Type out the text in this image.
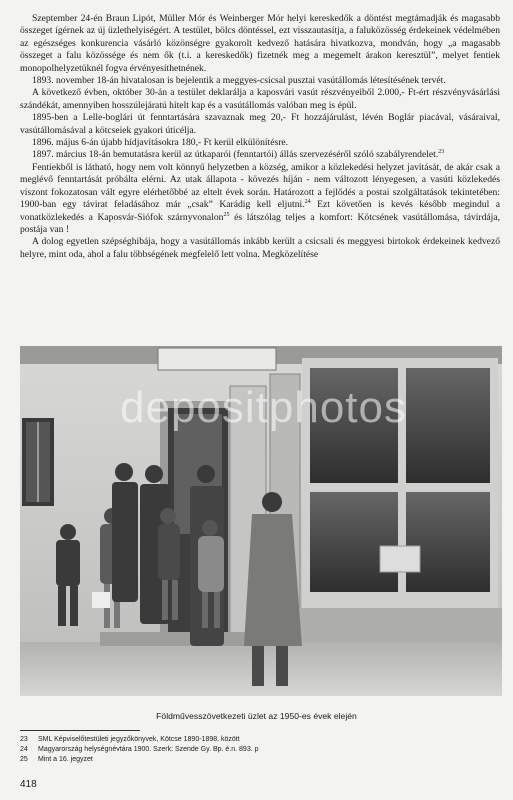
Szeptember 24-én Braun Lipót, Müller Mór és Weinberger Mór helyi kereskedők a döntést megtámadják és magasabb összeget ígérnek az új üzlethelyiségért. A testület, bölcs döntéssel, ezt visszautasítja, a faluközösség érdekeinek védelmében az egészséges konkurencia vásárló közönségre gyakorolt kedvező hatására hivatkozva, mondván, hogy „a magasabb összeget a falu közössége és nem ők (t.i. a kereskedők) fizetnék meg a megemelt árakon keresztül”, melyet fentiek monopolhelyzetüknél fogva érvényesíthetnének.

1893. november 18-án hivatalosan is bejelentik a meggyes-csicsal pusztai vasútállomás létesítésének tervét.

A következő évben, október 30-án a testület deklarálja a kaposvári vasút részvényeiből 2.000,- Ft-ért részvényvásárlási szándékát, amennyiben hosszúlejáratú hitelt kap és a vasútállomás valóban meg is épül.

1895-ben a Lelle-boglári út fenntartására szavaznak meg 20,- Ft hozzájárulást, lévén Boglár piacával, vásáraival, vasútállomásával a kötcseiek gyakori úticélja.

1896. május 6-án újabb hídjavításokra 180,- Ft kerül elkülönítésre.

1897. március 18-án bemutatásra kerül az útkaparói (fenntartói) állás szervezéséről szóló szabályrendelet.$^{23}$

Fentiekből is látható, hogy nem volt könnyű helyzetben a község, amikor a közlekedési helyzet javítását, de akár csak a meglévő fenntartását próbálta elérni. Az utak állapota - kövezés híján - nem változott lényegesen, a vasúti közlekedés viszont fokozatosan vált egyre elérhetőbbé az eltelt évek során. Határozott a fejlődés a postai szolgáltatások tekintetében: 1900-ban egy távirat feladásához már „csak” Karádig kell eljutni.$^{24}$ Ezt követően is kevés később megindul a vonatközlekedés a Kaposvár-Siófok szárnyvonalon$^{25}$ és látszólag teljes a komfort: Kötcsének vasútállomása, távirdája, postája van !

A dolog egyetlen szépséghibája, hogy a vasútállomás inkább került a csicsali és meggyesi birtokok érdekeinek kedvező helyre, mint oda, ahol a falu többségének megfelelő lett volna. Megközelítése

depositphotos
Földművesszövetkezeti üzlet az 1950-es évek elején
23	SML Képviselőtestületi jegyzőkönyvek, Kötcse 1890-1898. között
24	Magyarország helységnévtára 1900. Szerk: Szende Gy. Bp. é.n. 893. p
25	Mint a 16. jegyzet
418
